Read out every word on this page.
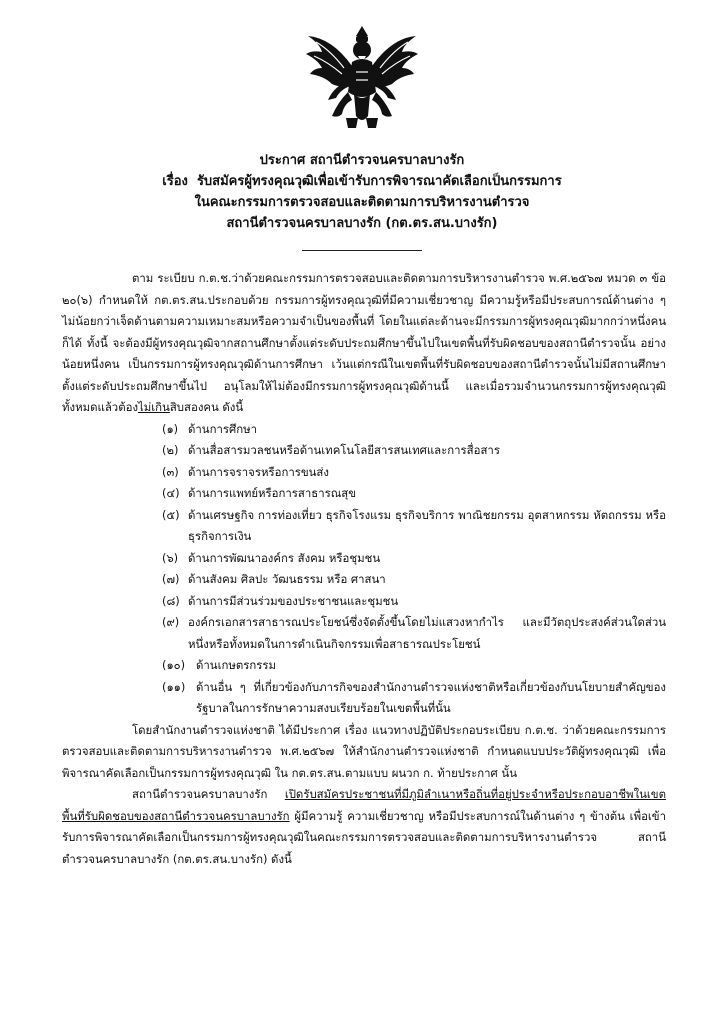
ประกาศ สถานีตำรวจนครบาลบางรัก
เรื่อง รับสมัครผู้ทรงคุณวุฒิเพื่อเข้ารับการพิจารณาคัดเลือกเป็นกรรมการ
ในคณะกรรมการตรวจสอบและติดตามการบริหารงานตำรวจ
สถานีตำรวจนครบาลบางรัก (กต.ตร.สน.บางรัก)

ตาม ระเบียบ ก.ต.ช.ว่าด้วยคณะกรรมการตรวจสอบและติดตามการบริหารงานตำรวจ พ.ศ.๒๕๖๗ หมวด ๓ ข้อ ๒๐(๖) กำหนดให้ กต.ตร.สน.ประกอบด้วย กรรมการผู้ทรงคุณวุฒิที่มีความเชี่ยวชาญ มีความรู้หรือมีประสบการณ์ด้านต่าง ๆ ไม่น้อยกว่าเจ็ดด้านตามความเหมาะสมหรือความจำเป็นของพื้นที่ โดยในแต่ละด้านจะมีกรรมการผู้ทรงคุณวุฒิมากกว่าหนึ่งคน ก็ได้ ทั้งนี้ จะต้องมีผู้ทรงคุณวุฒิจากสถานศึกษาตั้งแต่ระดับประถมศึกษาขึ้นไปในเขตพื้นที่รับผิดชอบของสถานีตำรวจนั้น อย่างน้อยหนึ่งคน เป็นกรรมการผู้ทรงคุณวุฒิด้านการศึกษา เว้นแต่กรณีในเขตพื้นที่รับผิดชอบของสถานีตำรวจนั้นไม่มีสถานศึกษาตั้งแต่ระดับประถมศึกษาขึ้นไป อนุโลมให้ไม่ต้องมีกรรมการผู้ทรงคุณวุฒิด้านนี้ และเมื่อรวมจำนวนกรรมการผู้ทรงคุณวุฒิทั้งหมดแล้วต้องไม่เกินสิบสองคน ดังนี้

(๑) ด้านการศึกษา
(๒) ด้านสื่อสารมวลชนหรือด้านเทคโนโลยีสารสนเทศและการสื่อสาร
(๓) ด้านการจราจรหรือการขนส่ง
(๔) ด้านการแพทย์หรือการสาธารณสุข
(๕) ด้านเศรษฐกิจ การท่องเที่ยว ธุรกิจโรงแรม ธุรกิจบริการ พาณิชยกรรม อุตสาหกรรม หัตถกรรม หรือธุรกิจการเงิน
(๖) ด้านการพัฒนาองค์กร สังคม หรือชุมชน
(๗) ด้านสังคม ศิลปะ วัฒนธรรม หรือ ศาสนา
(๘) ด้านการมีส่วนร่วมของประชาชนและชุมชน
(๙) องค์กรเอกสารสาธารณประโยชน์ซึ่งจัดตั้งขึ้นโดยไม่แสวงหากำไร และมีวัตถุประสงค์ส่วนใดส่วนหนึ่งหรือทั้งหมดในการดำเนินกิจกรรมเพื่อสาธารณประโยชน์
(๑๐) ด้านเกษตรกรรม
(๑๑) ด้านอื่น ๆ ที่เกี่ยวข้องกับภารกิจของสำนักงานตำรวจแห่งชาติหรือเกี่ยวข้องกับนโยบายสำคัญของรัฐบาลในการรักษาความสงบเรียบร้อยในเขตพื้นที่นั้น

โดยสำนักงานตำรวจแห่งชาติ ได้มีประกาศ เรื่อง แนวทางปฏิบัติประกอบระเบียบ ก.ต.ช. ว่าด้วยคณะกรรมการตรวจสอบและติดตามการบริหารงานตำรวจ พ.ศ.๒๕๖๗ ให้สำนักงานตำรวจแห่งชาติ กำหนดแบบประวัติผู้ทรงคุณวุฒิ เพื่อพิจารณาคัดเลือกเป็นกรรมการผู้ทรงคุณวุฒิ ใน กต.ตร.สน.ตามแบบ ผนวก ก. ท้ายประกาศ นั้น

สถานีตำรวจนครบาลบางรัก เปิดรับสมัครประชาชนที่มีภูมิลำเนาหรือถิ่นที่อยู่ประจำหรือประกอบอาชีพในเขตพื้นที่รับผิดชอบของสถานีตำรวจนครบาลบางรัก ผู้มีความรู้ ความเชี่ยวชาญ หรือมีประสบการณ์ในด้านต่าง ๆ ข้างต้น เพื่อเข้ารับการพิจารณาคัดเลือกเป็นกรรมการผู้ทรงคุณวุฒิในคณะกรรมการตรวจสอบและติดตามการบริหารงานตำรวจ สถานีตำรวจนครบาลบางรัก (กต.ตร.สน.บางรัก) ดังนี้
